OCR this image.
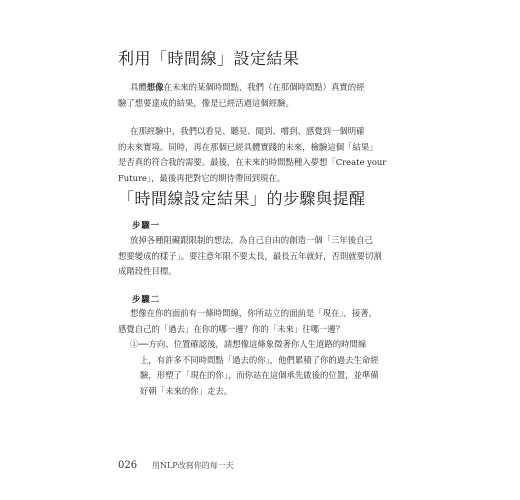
利用「時間線」設定結果
具體想像在未來的某個時間點，我們（在那個時間點）真實的經
驗了想要達成的結果，像是已經活過這個經驗。
在那經驗中，我們以看見、聽見、聞到、嚐到、感覺到一個明確
的未來實境。同時，再在那個已經具體實踐的未來，檢驗這個「結果」
是否真的符合我的需要。最後，在未來的時間點種入夢想「Create your
Future」，最後再把對它的期待帶回到現在。
「時間線設定結果」的步驟與提醒
步驟一
放掉各種阻礙跟限制的想法，為自己自由的創造一個「三年後自己
想要變成的樣子」。要注意年限不要太長，最長五年就好，否則就要切割
成階段性目標。
步驟二
想像在你的面前有一條時間線，你所站立的面前是「現在」，接著，
感覺自己的「過去」在你的哪一邊？你的「未來」往哪一邊？
①──方向、位置確認後，請想像這條象徵著你人生道路的時間線
上，有許多不同時間點「過去的你」，他們累積了你的過去生命經
驗，形塑了「現在的你」，而你站在這個承先啟後的位置，並準備
好朝「未來的你」走去。
026 用NLP改寫你的每一天
